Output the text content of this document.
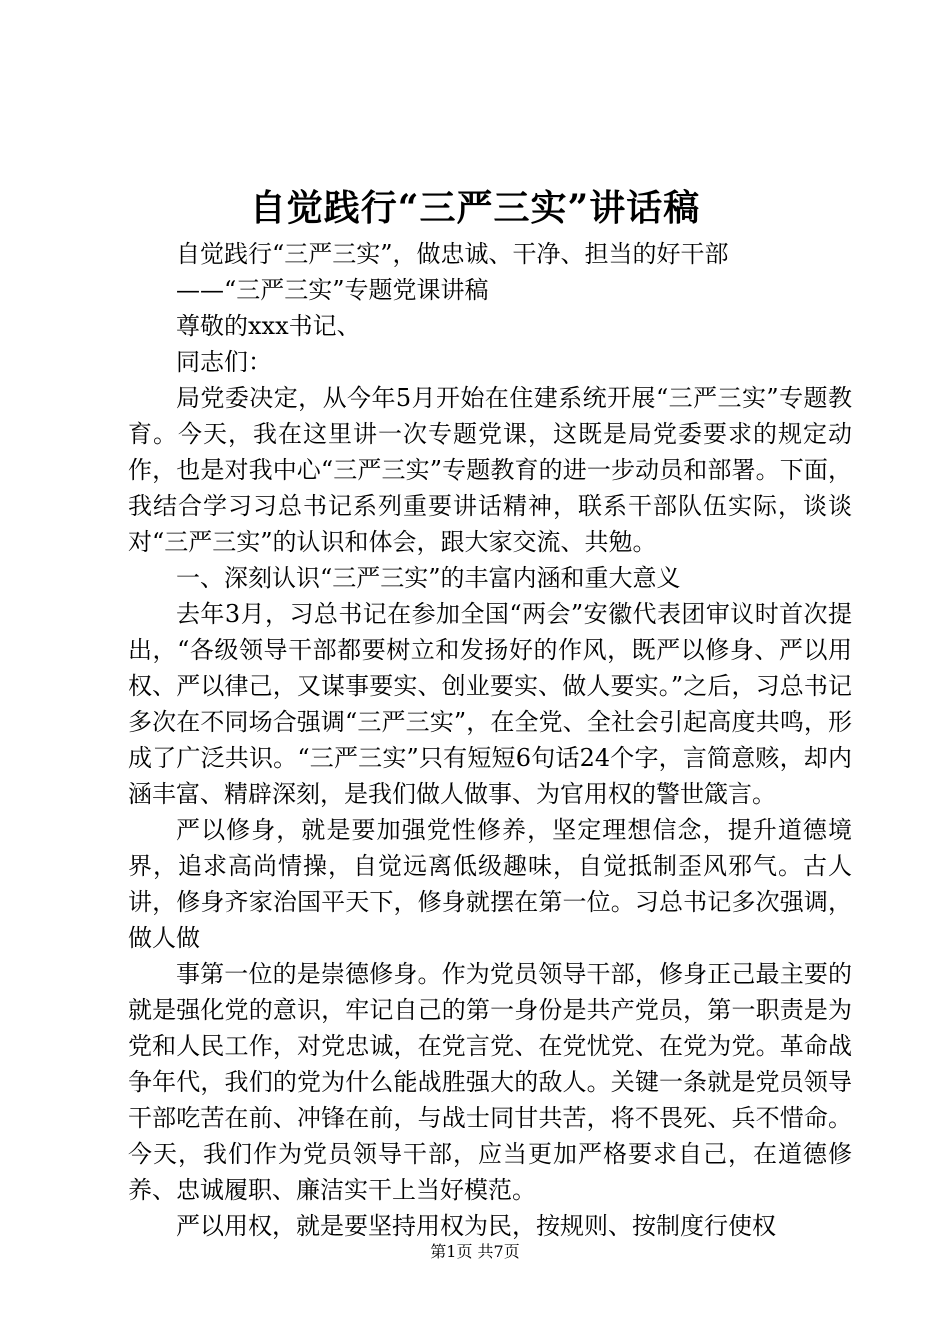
自觉践行“三严三实”讲话稿

自觉践行“三严三实”，做忠诚、干净、担当的好干部

——“三严三实”专题党课讲稿

尊敬的xxx书记、

同志们：

局党委决定，从今年5月开始在住建系统开展“三严三实”专题教育。今天，我在这里讲一次专题党课，这既是局党委要求的规定动作，也是对我中心“三严三实”专题教育的进一步动员和部署。下面，我结合学习习总书记系列重要讲话精神，联系干部队伍实际，谈谈对“三严三实”的认识和体会，跟大家交流、共勉。

一、深刻认识“三严三实”的丰富内涵和重大意义

去年3月，习总书记在参加全国“两会”安徽代表团审议时首次提出，“各级领导干部都要树立和发扬好的作风，既严以修身、严以用权、严以律己，又谋事要实、创业要实、做人要实。”之后，习总书记多次在不同场合强调“三严三实”，在全党、全社会引起高度共鸣，形成了广泛共识。“三严三实”只有短短6句话24个字，言简意赅，却内涵丰富、精辟深刻，是我们做人做事、为官用权的警世箴言。

严以修身，就是要加强党性修养，坚定理想信念，提升道德境界，追求高尚情操，自觉远离低级趣味，自觉抵制歪风邪气。古人讲，修身齐家治国平天下，修身就摆在第一位。习总书记多次强调，做人做

事第一位的是崇德修身。作为党员领导干部，修身正己最主要的就是强化党的意识，牢记自己的第一身份是共产党员，第一职责是为党和人民工作，对党忠诚，在党言党、在党忧党、在党为党。革命战争年代，我们的党为什么能战胜强大的敌人。关键一条就是党员领导干部吃苦在前、冲锋在前，与战士同甘共苦，将不畏死、兵不惜命。今天，我们作为党员领导干部，应当更加严格要求自己，在道德修养、忠诚履职、廉洁实干上当好模范。

严以用权，就是要坚持用权为民，按规则、按制度行使权

第1页 共7页
